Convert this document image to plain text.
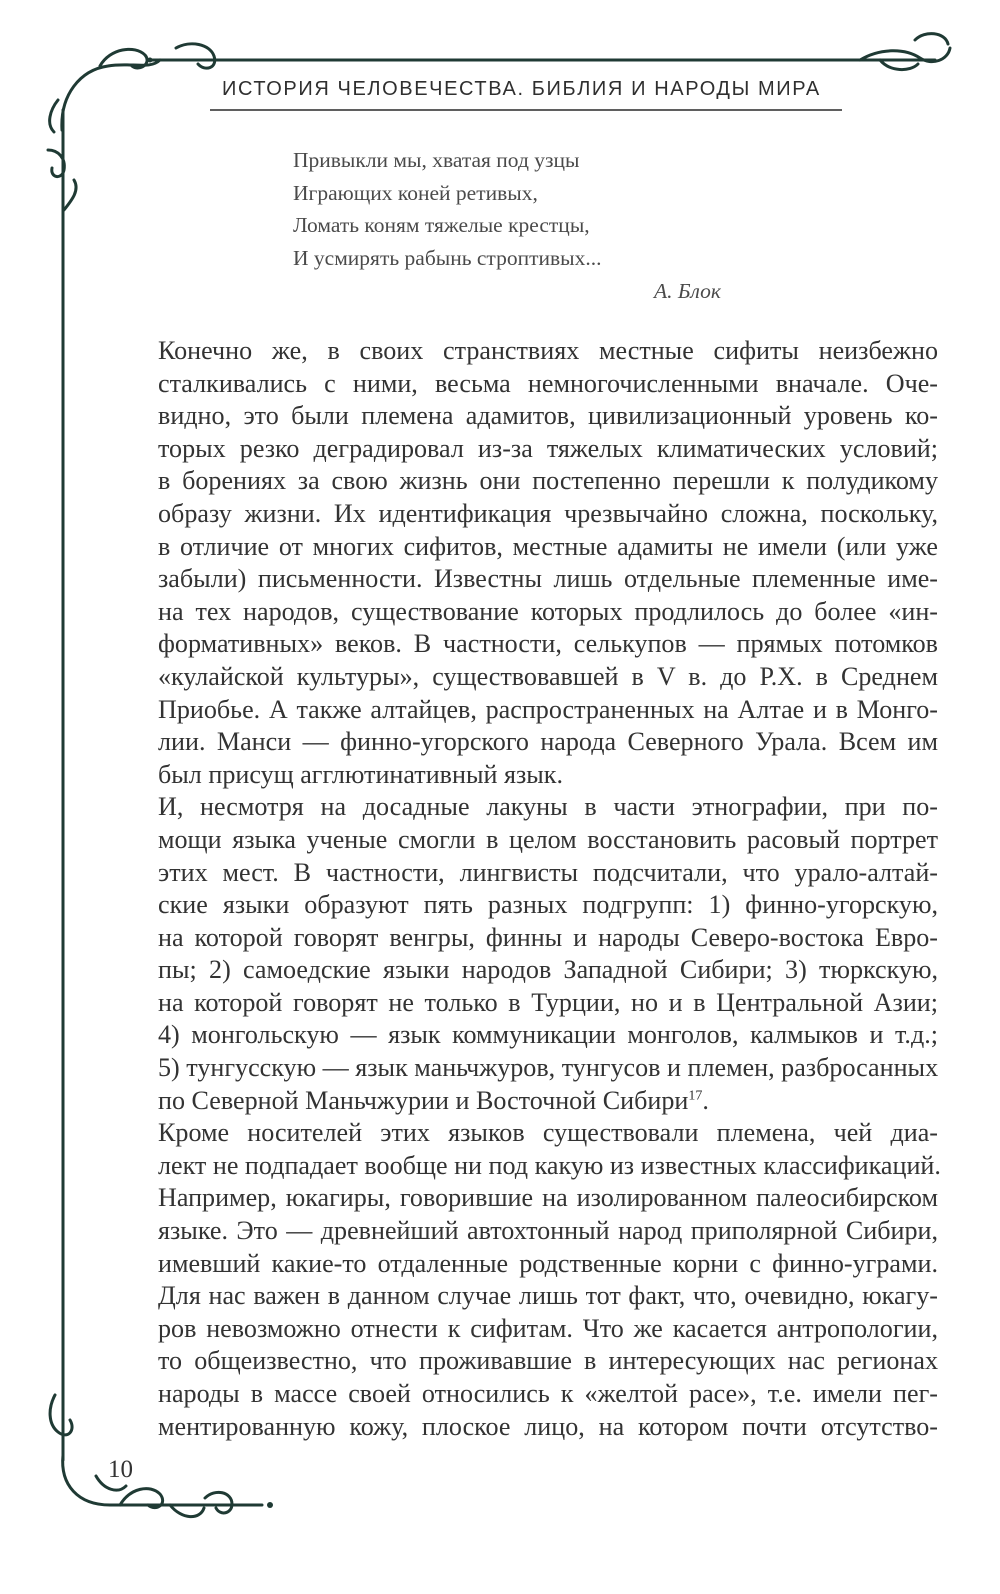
ИСТОРИЯ ЧЕЛОВЕЧЕСТВА. БИБЛИЯ И НАРОДЫ МИРА
Привыкли мы, хватая под узцы
Играющих коней ретивых,
Ломать коням тяжелые крестцы,
И усмирять рабынь строптивых...
А. Блок

Конечно же, в своих странствиях местные сифиты неизбежно
сталкивались с ними, весьма немногочисленными вначале. Оче-
видно, это были племена адамитов, цивилизационный уровень ко-
торых резко деградировал из-за тяжелых климатических условий;
в борениях за свою жизнь они постепенно перешли к полудикому
образу жизни. Их идентификация чрезвычайно сложна, поскольку,
в отличие от многих сифитов, местные адамиты не имели (или уже
забыли) письменности. Известны лишь отдельные племенные име-
на тех народов, существование которых продлилось до более «ин-
формативных» веков. В частности, селькупов — прямых потомков
«кулайской культуры», существовавшей в V в. до Р.Х. в Среднем
Приобье. А также алтайцев, распространенных на Алтае и в Монго-
лии. Манси — финно-угорского народа Северного Урала. Всем им
был присущ агглютинативный язык.

И, несмотря на досадные лакуны в части этнографии, при по-
мощи языка ученые смогли в целом восстановить расовый портрет
этих мест. В частности, лингвисты подсчитали, что урало-алтай-
ские языки образуют пять разных подгрупп: 1) финно-угорскую,
на которой говорят венгры, финны и народы Северо-востока Евро-
пы; 2) самоедские языки народов Западной Сибири; 3) тюркскую,
на которой говорят не только в Турции, но и в Центральной Азии;
4) монгольскую — язык коммуникации монголов, калмыков и т.д.;
5) тунгусскую — язык маньчжуров, тунгусов и племен, разбросанных
по Северной Маньчжурии и Восточной Сибири$^{17}$.

Кроме носителей этих языков существовали племена, чей диа-
лект не подпадает вообще ни под какую из известных классификаций.
Например, юкагиры, говорившие на изолированном палеосибирском
языке. Это — древнейший автохтонный народ приполярной Сибири,
имевший какие-то отдаленные родственные корни с финно-уграми.
Для нас важен в данном случае лишь тот факт, что, очевидно, юкагу-
ров невозможно отнести к сифитам. Что же касается антропологии,
то общеизвестно, что проживавшие в интересующих нас регионах
народы в массе своей относились к «желтой расе», т.е. имели пег-
ментированную кожу, плоское лицо, на котором почти отсутство-

10
